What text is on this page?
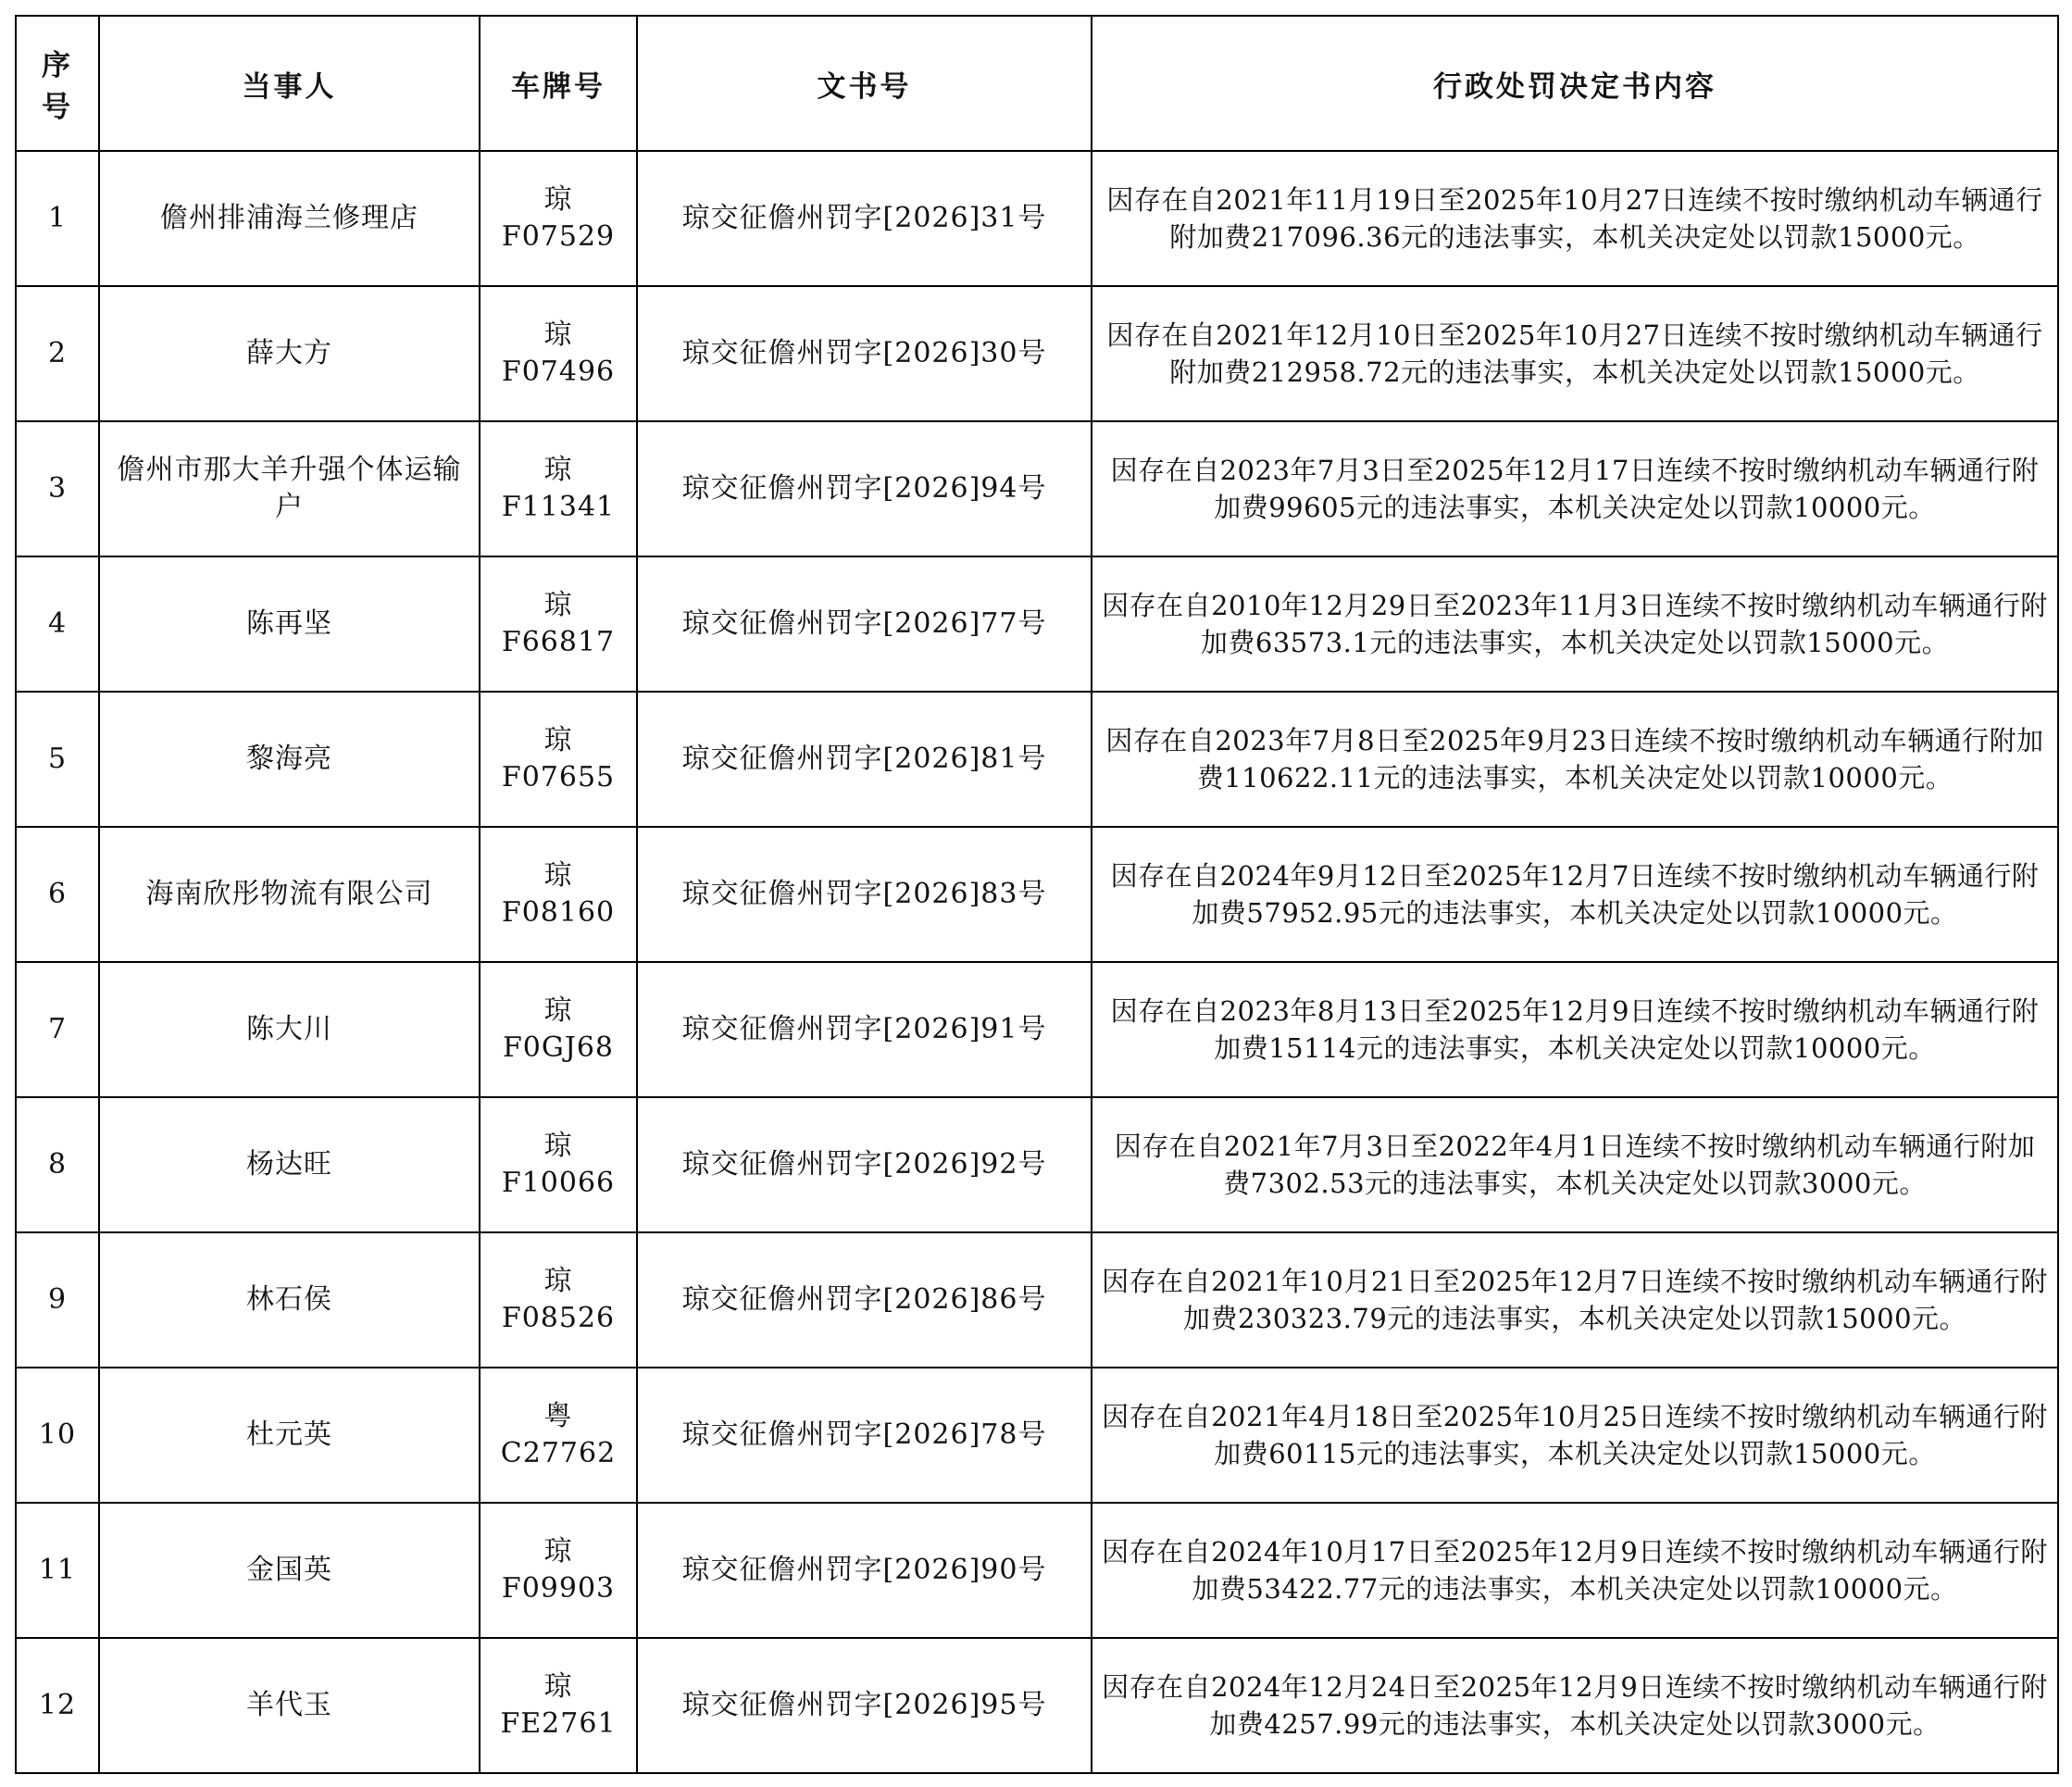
序号	当事人	车牌号	文书号	行政处罚决定书内容
1	儋州排浦海兰修理店	琼F07529	琼交征儋州罚字[2026]31号	因存在自2021年11月19日至2025年10月27日连续不按时缴纳机动车辆通行附加费217096.36元的违法事实，本机关决定处以罚款15000元。
2	薛大方	琼F07496	琼交征儋州罚字[2026]30号	因存在自2021年12月10日至2025年10月27日连续不按时缴纳机动车辆通行附加费212958.72元的违法事实，本机关决定处以罚款15000元。
3	儋州市那大羊升强个体运输户	琼F11341	琼交征儋州罚字[2026]94号	因存在自2023年7月3日至2025年12月17日连续不按时缴纳机动车辆通行附加费99605元的违法事实，本机关决定处以罚款10000元。
4	陈再坚	琼F66817	琼交征儋州罚字[2026]77号	因存在自2010年12月29日至2023年11月3日连续不按时缴纳机动车辆通行附加费63573.1元的违法事实，本机关决定处以罚款15000元。
5	黎海亮	琼F07655	琼交征儋州罚字[2026]81号	因存在自2023年7月8日至2025年9月23日连续不按时缴纳机动车辆通行附加费110622.11元的违法事实，本机关决定处以罚款10000元。
6	海南欣彤物流有限公司	琼F08160	琼交征儋州罚字[2026]83号	因存在自2024年9月12日至2025年12月7日连续不按时缴纳机动车辆通行附加费57952.95元的违法事实，本机关决定处以罚款10000元。
7	陈大川	琼F0GJ68	琼交征儋州罚字[2026]91号	因存在自2023年8月13日至2025年12月9日连续不按时缴纳机动车辆通行附加费15114元的违法事实，本机关决定处以罚款10000元。
8	杨达旺	琼F10066	琼交征儋州罚字[2026]92号	因存在自2021年7月3日至2022年4月1日连续不按时缴纳机动车辆通行附加费7302.53元的违法事实，本机关决定处以罚款3000元。
9	林石侯	琼F08526	琼交征儋州罚字[2026]86号	因存在自2021年10月21日至2025年12月7日连续不按时缴纳机动车辆通行附加费230323.79元的违法事实，本机关决定处以罚款15000元。
10	杜元英	粤C27762	琼交征儋州罚字[2026]78号	因存在自2021年4月18日至2025年10月25日连续不按时缴纳机动车辆通行附加费60115元的违法事实，本机关决定处以罚款15000元。
11	金国英	琼F09903	琼交征儋州罚字[2026]90号	因存在自2024年10月17日至2025年12月9日连续不按时缴纳机动车辆通行附加费53422.77元的违法事实，本机关决定处以罚款10000元。
12	羊代玉	琼FE2761	琼交征儋州罚字[2026]95号	因存在自2024年12月24日至2025年12月9日连续不按时缴纳机动车辆通行附加费4257.99元的违法事实，本机关决定处以罚款3000元。
